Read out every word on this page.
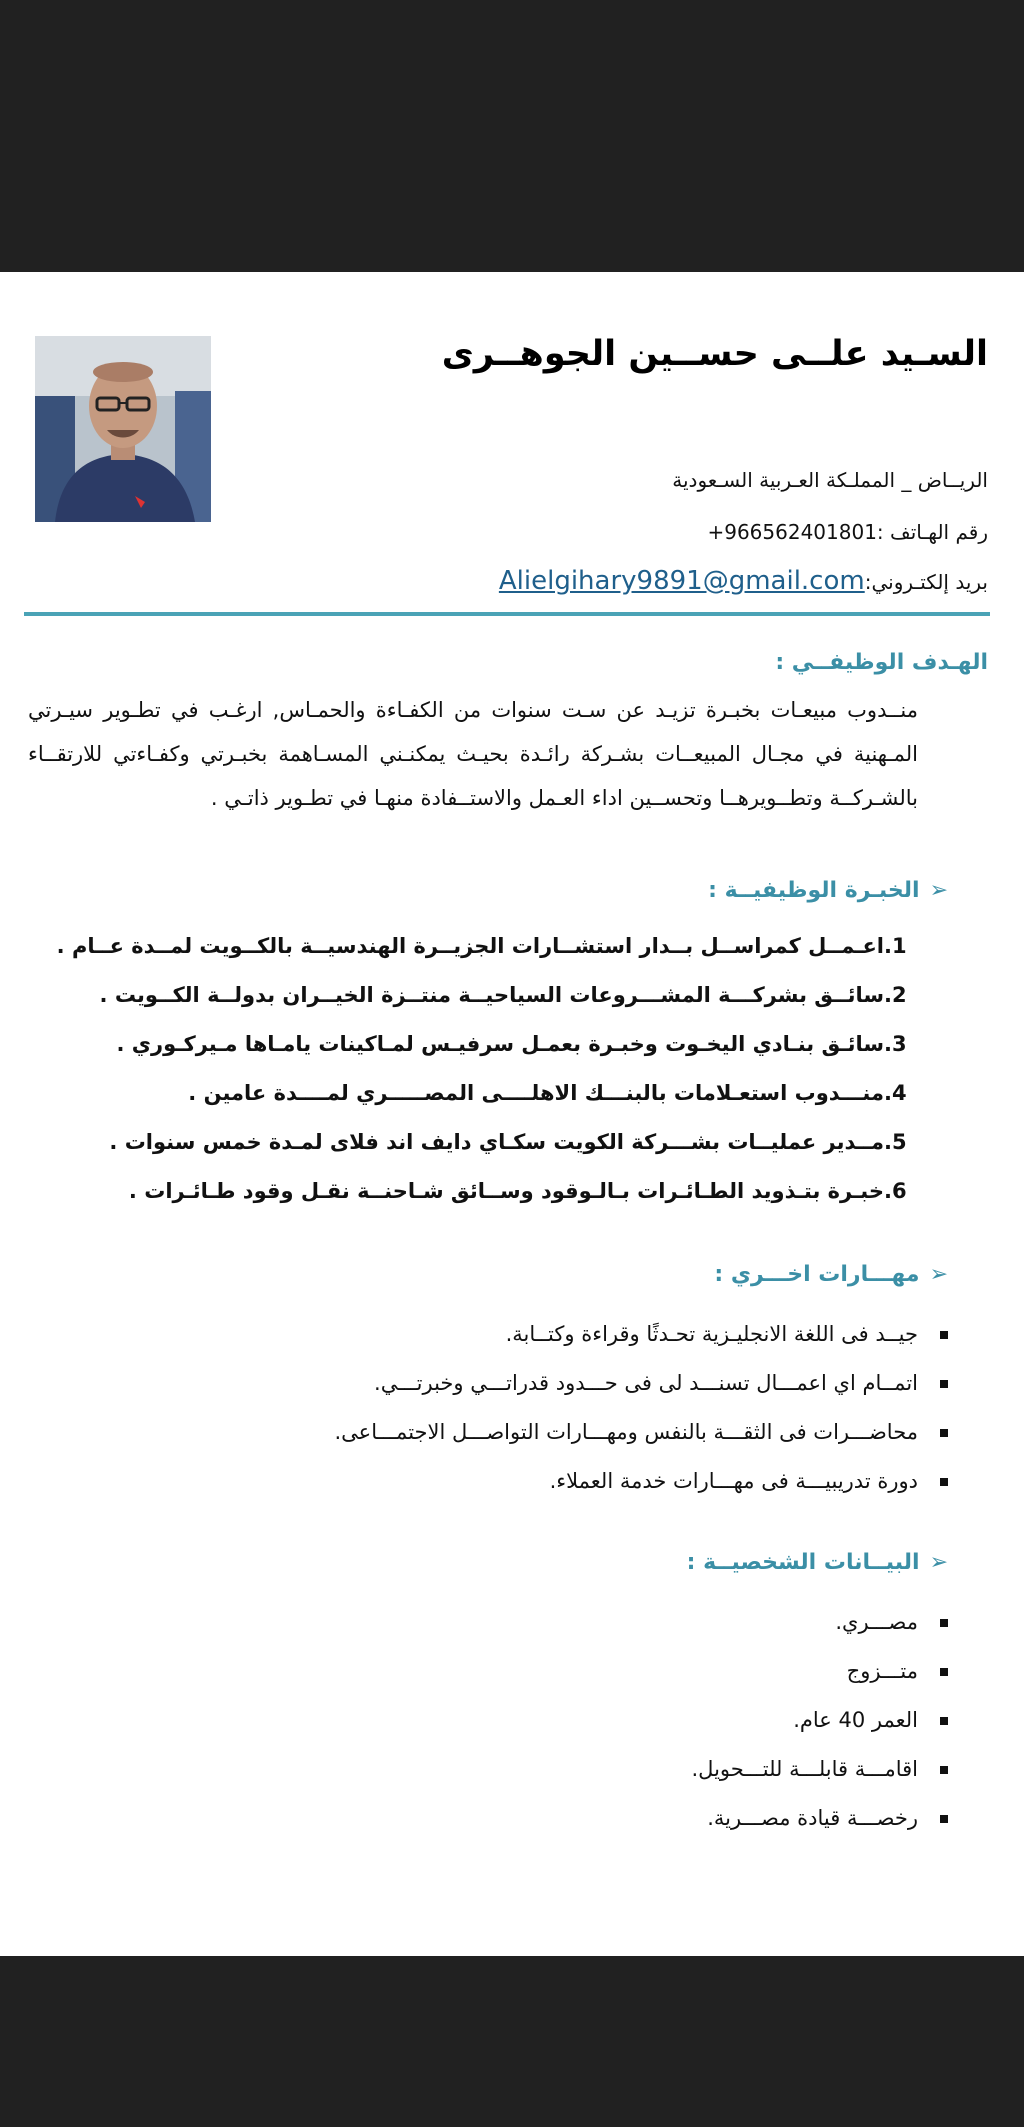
السـيد علــى حســين الجوهــرى
الريــاض _ المملـكة العـربية السـعودية
رقم الهـاتف :+966562401801
بريد إلكتـروني:Alielgihary9891@gmail.com
الهـدف الوظيفــي :

منــدوب مبيعـات بخبـرة تزيـد عن سـت سنوات من الكفـاءة والحمـاس, ارغـب في تطـوير سيـرتي المـهنية في مجـال المبيعــات بشـركة رائـدة بحيـث يمكنـني المسـاهمة بخبـرتي وكفـاءتي للارتقــاء بالشـركــة وتطــويرهــا وتحســين اداء العـمل والاستــفادة منهـا في تطـوير ذاتـي .

➢الخبـرة الوظيفيــة :
1.اعـمــل كمراســل بــدار استشــارات الجزيــرة الهندسيــة بالكــويت لمــدة عــام .
2.سائــق بشركـــة المشـــروعات السياحيــة منتــزة الخيــران بدولــة الكــويت .
3.سائـق بنـادي اليخـوت وخبـرة بعمـل سرفيـس لمـاكينات يامـاها مـيركـوري .
4.منـــدوب استعـلامات بالبنـــك الاهلــــى المصـــــري لمــــدة عامين .
5.مــدير عمليــات بشـــركة الكويت سكـاي دايف اند فلاى لمـدة خمس سنوات .
6.خبـرة بتـذويد الطـائـرات بـالـوقود وســائق شـاحنــة نقـل وقود طـائـرات .
➢مهـــارات اخـــري :
جيــد فى اللغة الانجليـزية تحـدثًا وقراءة وكتــابة.
اتمــام اي اعمـــال تسنـــد لى فى حـــدود قدراتـــي وخبرتـــي.
محاضـــرات فى الثقـــة بالنفس ومهـــارات التواصـــل الاجتمـــاعى.
دورة تدريبيـــة فى مهـــارات خدمة العملاء.
➢البيــانات الشخصيــة :
مصـــري.
متـــزوج
العمر 40 عام.
اقامـــة قابلـــة للتـــحويل.
رخصـــة قيادة مصـــرية.
